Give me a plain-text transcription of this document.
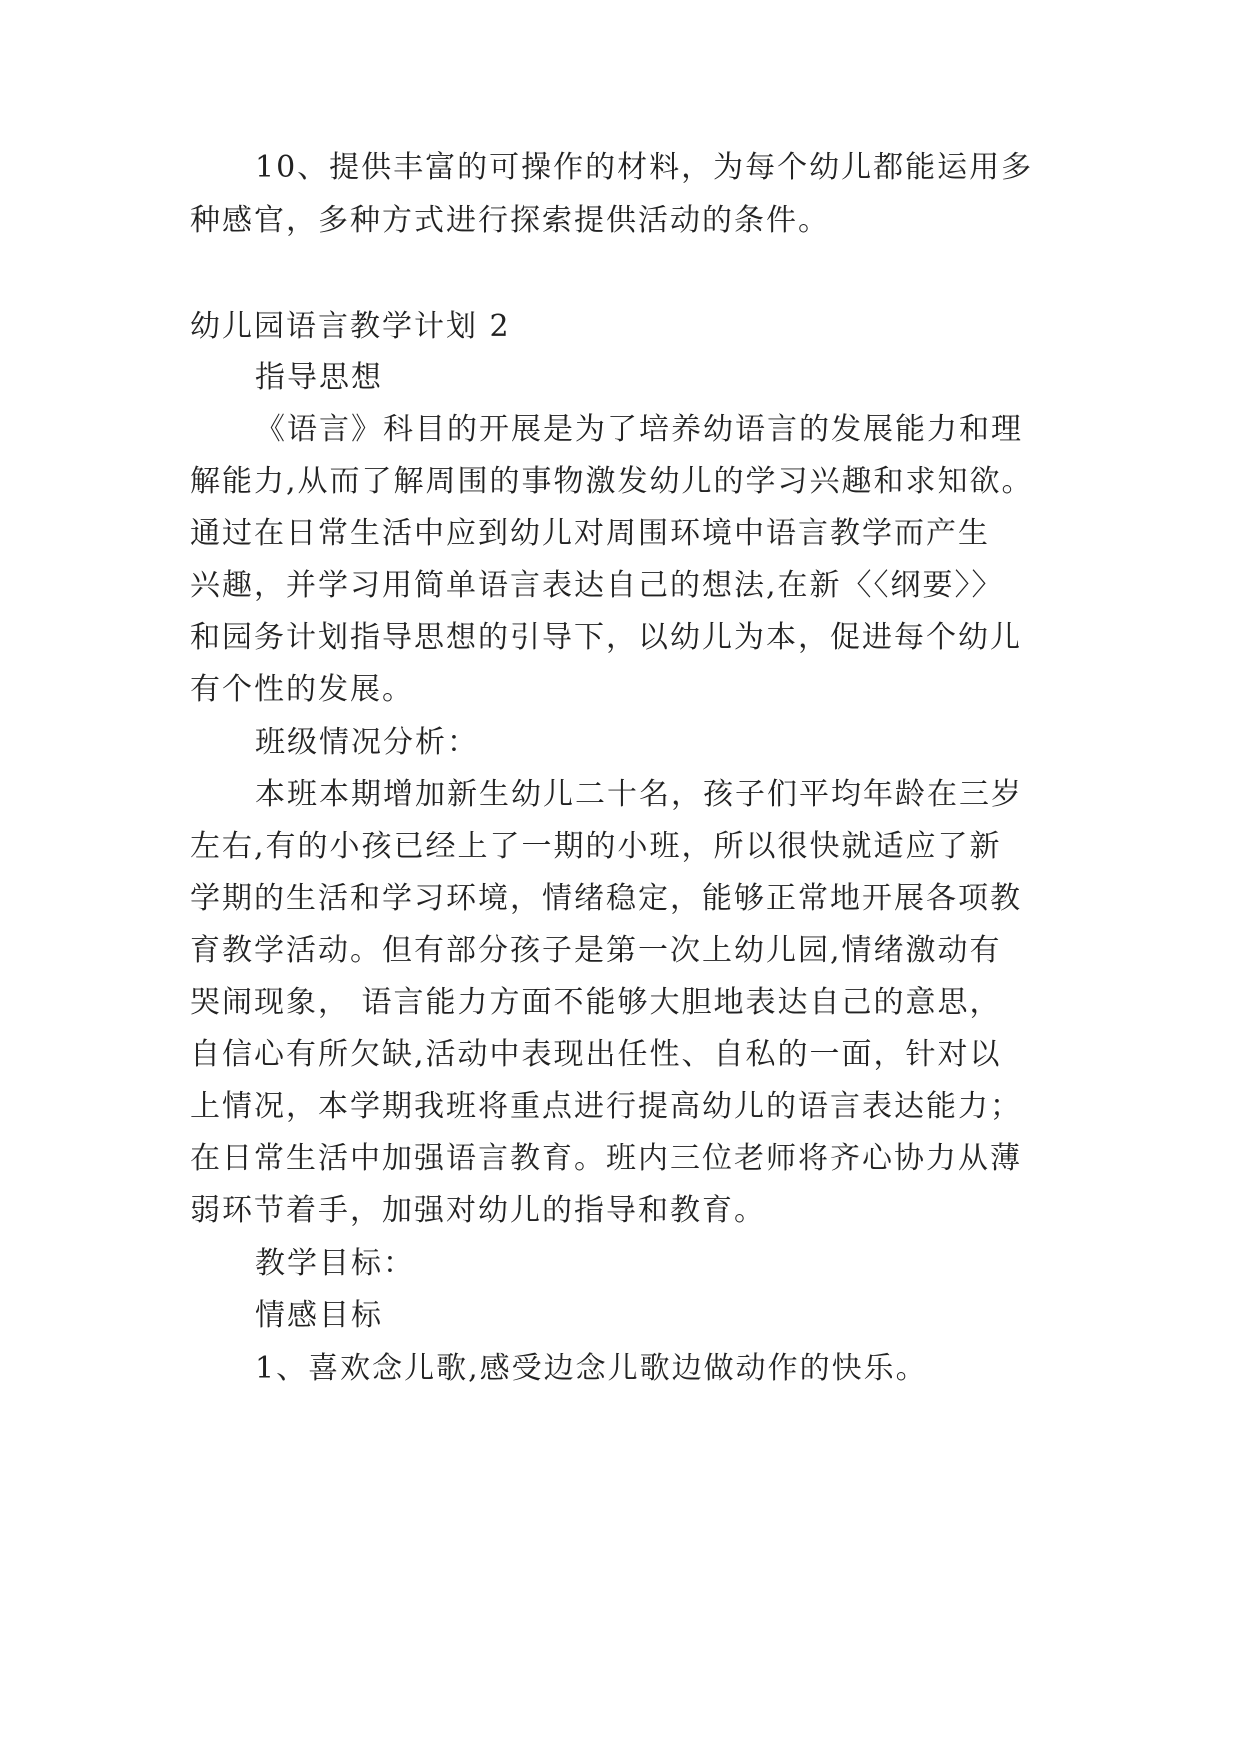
10、提供丰富的可操作的材料，为每个幼儿都能运用多
种感官，多种方式进行探索提供活动的条件。
幼儿园语言教学计划 2
指导思想
《语言》科目的开展是为了培养幼语言的发展能力和理
解能力,从而了解周围的事物激发幼儿的学习兴趣和求知欲。
通过在日常生活中应到幼儿对周围环境中语言教学而产生
兴趣，并学习用简单语言表达自己的想法,在新〈〈纲要〉〉
和园务计划指导思想的引导下，以幼儿为本，促进每个幼儿
有个性的发展。
班级情况分析：
本班本期增加新生幼儿二十名，孩子们平均年龄在三岁
左右,有的小孩已经上了一期的小班，所以很快就适应了新
学期的生活和学习环境，情绪稳定，能够正常地开展各项教
育教学活动。但有部分孩子是第一次上幼儿园,情绪激动有
哭闹现象， 语言能力方面不能够大胆地表达自己的意思，
自信心有所欠缺,活动中表现出任性、自私的一面，针对以
上情况，本学期我班将重点进行提高幼儿的语言表达能力；
在日常生活中加强语言教育。班内三位老师将齐心协力从薄
弱环节着手，加强对幼儿的指导和教育。
教学目标：
情感目标
1、喜欢念儿歌,感受边念儿歌边做动作的快乐。
